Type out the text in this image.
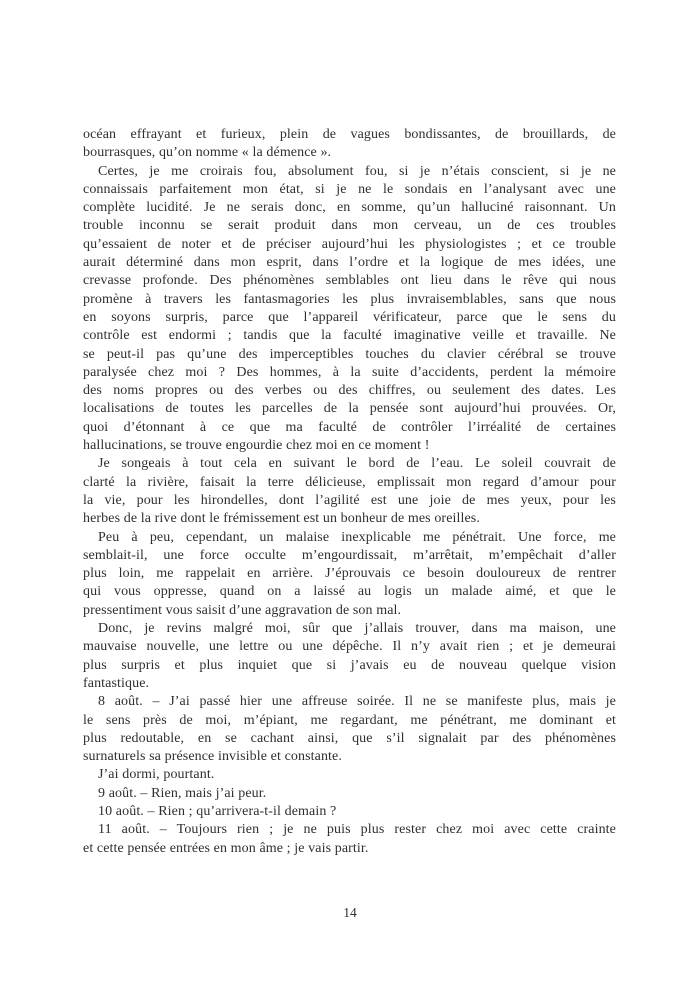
océan effrayant et furieux, plein de vagues bondissantes, de brouillards, de
bourrasques, qu’on nomme « la démence ».
Certes, je me croirais fou, absolument fou, si je n’étais conscient, si je ne
connaissais parfaitement mon état, si je ne le sondais en l’analysant avec une
complète lucidité. Je ne serais donc, en somme, qu’un halluciné raisonnant. Un
trouble inconnu se serait produit dans mon cerveau, un de ces troubles
qu’essaient de noter et de préciser aujourd’hui les physiologistes ; et ce trouble
aurait déterminé dans mon esprit, dans l’ordre et la logique de mes idées, une
crevasse profonde. Des phénomènes semblables ont lieu dans le rêve qui nous
promène à travers les fantasmagories les plus invraisemblables, sans que nous
en soyons surpris, parce que l’appareil vérificateur, parce que le sens du
contrôle est endormi ; tandis que la faculté imaginative veille et travaille. Ne
se peut-il pas qu’une des imperceptibles touches du clavier cérébral se trouve
paralysée chez moi ? Des hommes, à la suite d’accidents, perdent la mémoire
des noms propres ou des verbes ou des chiffres, ou seulement des dates. Les
localisations de toutes les parcelles de la pensée sont aujourd’hui prouvées. Or,
quoi d’étonnant à ce que ma faculté de contrôler l’irréalité de certaines
hallucinations, se trouve engourdie chez moi en ce moment !
Je songeais à tout cela en suivant le bord de l’eau. Le soleil couvrait de
clarté la rivière, faisait la terre délicieuse, emplissait mon regard d’amour pour
la vie, pour les hirondelles, dont l’agilité est une joie de mes yeux, pour les
herbes de la rive dont le frémissement est un bonheur de mes oreilles.
Peu à peu, cependant, un malaise inexplicable me pénétrait. Une force, me
semblait-il, une force occulte m’engourdissait, m’arrêtait, m’empêchait d’aller
plus loin, me rappelait en arrière. J’éprouvais ce besoin douloureux de rentrer
qui vous oppresse, quand on a laissé au logis un malade aimé, et que le
pressentiment vous saisit d’une aggravation de son mal.
Donc, je revins malgré moi, sûr que j’allais trouver, dans ma maison, une
mauvaise nouvelle, une lettre ou une dépêche. Il n’y avait rien ; et je demeurai
plus surpris et plus inquiet que si j’avais eu de nouveau quelque vision
fantastique.
8 août. – J’ai passé hier une affreuse soirée. Il ne se manifeste plus, mais je
le sens près de moi, m’épiant, me regardant, me pénétrant, me dominant et
plus redoutable, en se cachant ainsi, que s’il signalait par des phénomènes
surnaturels sa présence invisible et constante.
J’ai dormi, pourtant.
9 août. – Rien, mais j’ai peur.
10 août. – Rien ; qu’arrivera-t-il demain ?
11 août. – Toujours rien ; je ne puis plus rester chez moi avec cette crainte
et cette pensée entrées en mon âme ; je vais partir.
14
